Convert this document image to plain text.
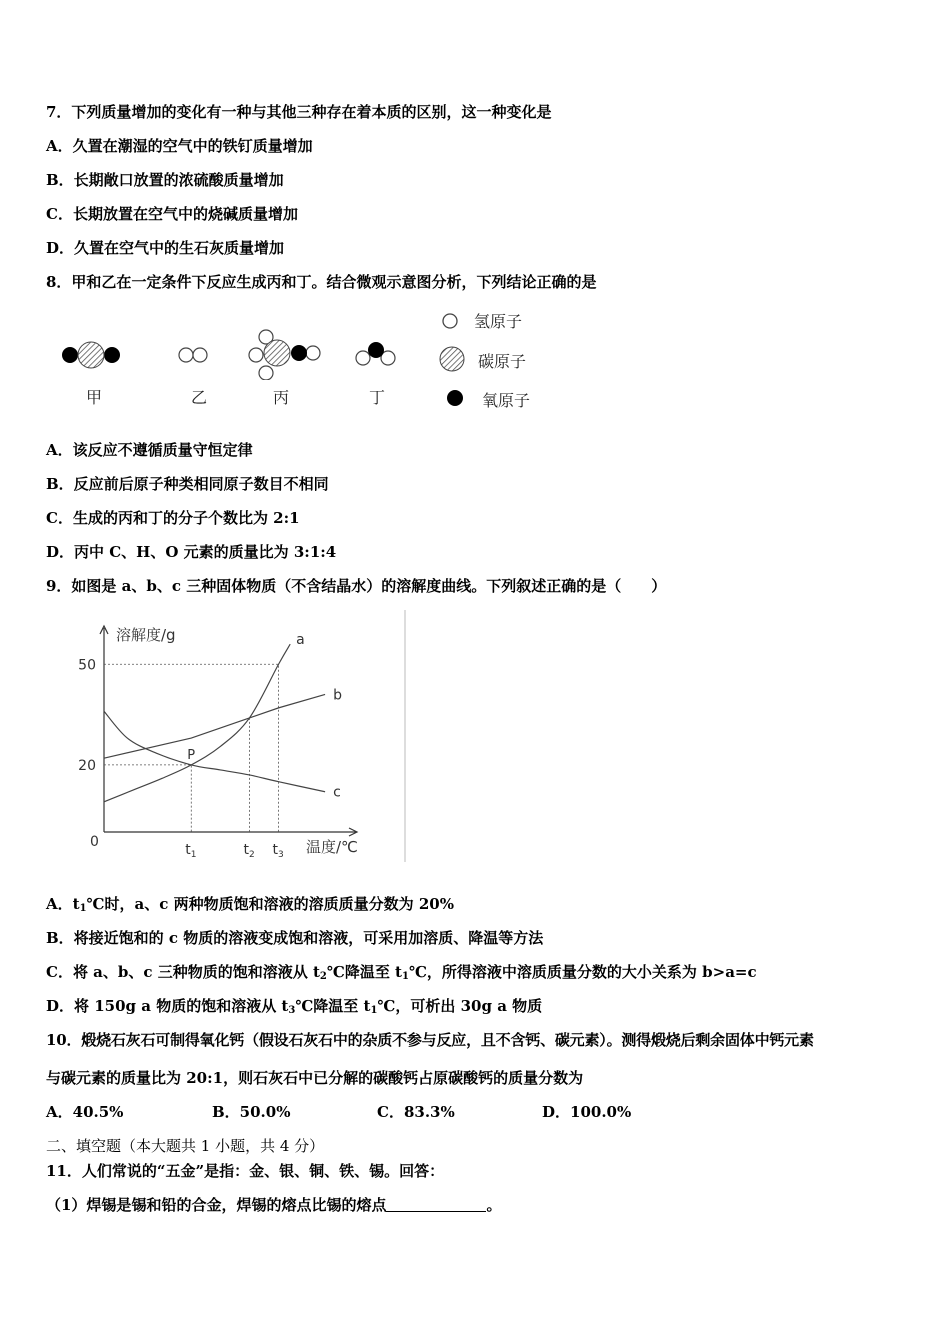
7．下列质量增加的变化有一种与其他三种存在着本质的区别，这一种变化是
A．久置在潮湿的空气中的铁钉质量增加
B．长期敞口放置的浓硫酸质量增加
C．长期放置在空气中的烧碱质量增加
D．久置在空气中的生石灰质量增加
8．甲和乙在一定条件下反应生成丙和丁。结合微观示意图分析，下列结论正确的是
甲	乙	丙	丁
氢原子
碳原子
氧原子
A．该反应不遵循质量守恒定律
B．反应前后原子种类相同原子数目不相同
C．生成的丙和丁的分子个数比为 2:1
D．丙中 C、H、O 元素的质量比为 3:1:4
9．如图是 a、b、c 三种固体物质（不含结晶水）的溶解度曲线。下列叙述正确的是（　　）
溶解度/g
温度/℃
0
20
50
$t_1$	$t_2$ $t_3$
a
b
c
P
A．$t_1℃$时，a、c 两种物质饱和溶液的溶质质量分数为 20%
B．将接近饱和的 c 物质的溶液变成饱和溶液，可采用加溶质、降温等方法
C．将 a、b、c 三种物质的饱和溶液从 $t_2℃$降温至 $t_1℃$，所得溶液中溶质质量分数的大小关系为 b>a=c
D．将 150g a 物质的饱和溶液从 $t_3℃$降温至 $t_1℃$，可析出 30g a 物质
10．煅烧石灰石可制得氧化钙（假设石灰石中的杂质不参与反应，且不含钙、碳元素）。测得煅烧后剩余固体中钙元素
与碳元素的质量比为 20:1，则石灰石中已分解的碳酸钙占原碳酸钙的质量分数为
A．40.5%	B．50.0%	C．83.3%	D．100.0%
二、填空题（本大题共 1 小题，共 4 分）
11．人们常说的“五金”是指：金、银、铜、铁、锡。回答：
（1）焊锡是锡和铅的合金，焊锡的熔点比锡的熔点	。
